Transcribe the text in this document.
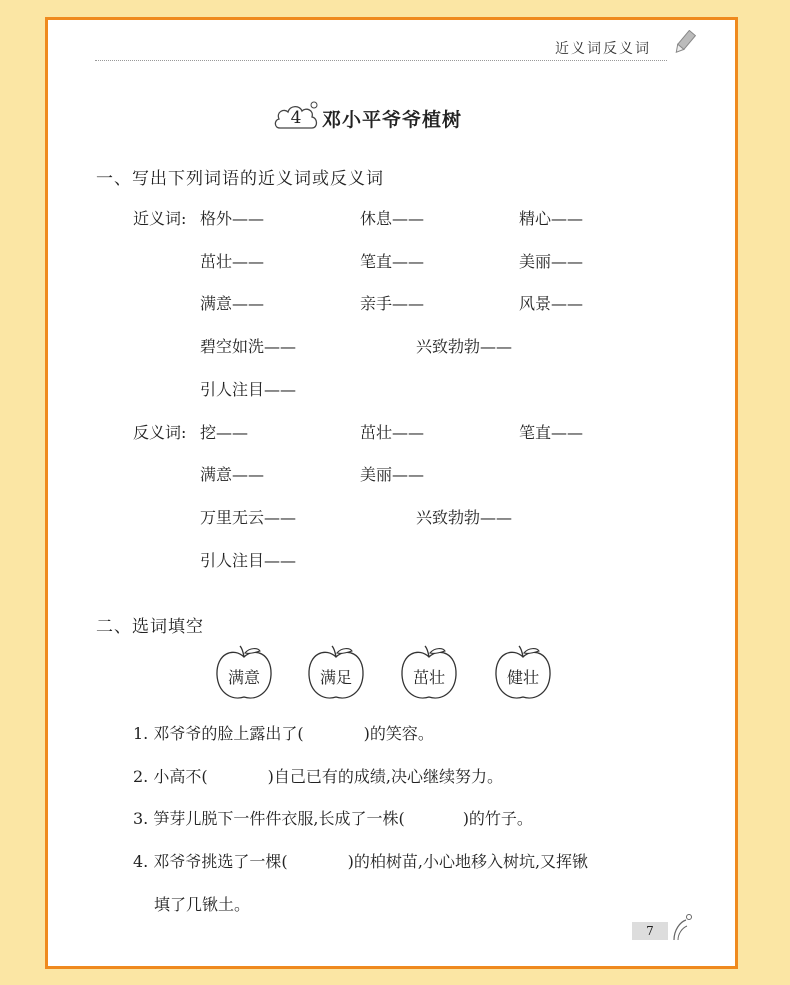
近义词反义词
4	邓小平爷爷植树
一、写出下列词语的近义词或反义词
近义词: 格外——	休息——	精心——
茁壮——	笔直——	美丽——
满意——	亲手——	风景——
碧空如洗——	兴致勃勃——
引人注目——
反义词: 挖——	茁壮——	笔直——
满意——	美丽——
万里无云——	兴致勃勃——
引人注目——
二、选词填空
满意	满足	茁壮	健壮
1. 邓爷爷的脸上露出了(	)的笑容。
2. 小高不(	)自己已有的成绩,决心继续努力。
3. 笋芽儿脱下一件件衣服,长成了一株(	)的竹子。
4. 邓爷爷挑选了一棵(	)的柏树苗,小心地移入树坑,又挥锹
填了几锹土。
7
